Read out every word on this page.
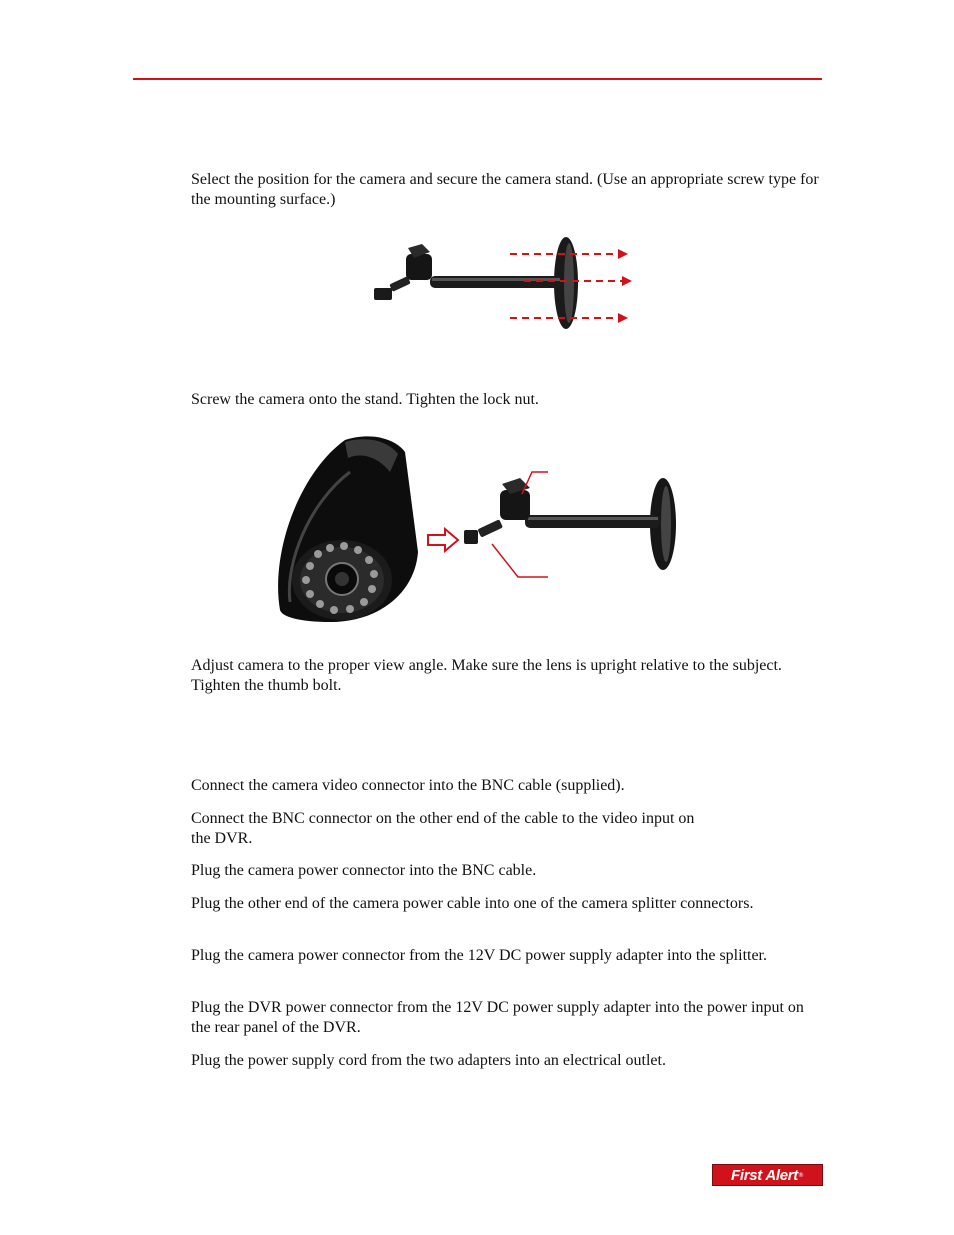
Select the position for the camera and secure the camera stand. (Use an appropriate screw type for the mounting surface.)

Screw the camera onto the stand. Tighten the lock nut.

Adjust camera to the proper view angle. Make sure the lens is upright relative to the subject. Tighten the thumb bolt.

Connect the camera video connector into the BNC cable (supplied).

Connect the BNC connector on the other end of the cable to the video input on
the DVR.

Plug the camera power connector into the BNC cable.

Plug the other end of the camera power cable into one of the camera splitter connectors.

Plug the camera power connector from the 12V DC power supply adapter into the splitter.

Plug the DVR power connector from the 12V DC power supply adapter into the power input on the rear panel of the DVR.

Plug the power supply cord from the two adapters into an electrical outlet.

First Alert ®
